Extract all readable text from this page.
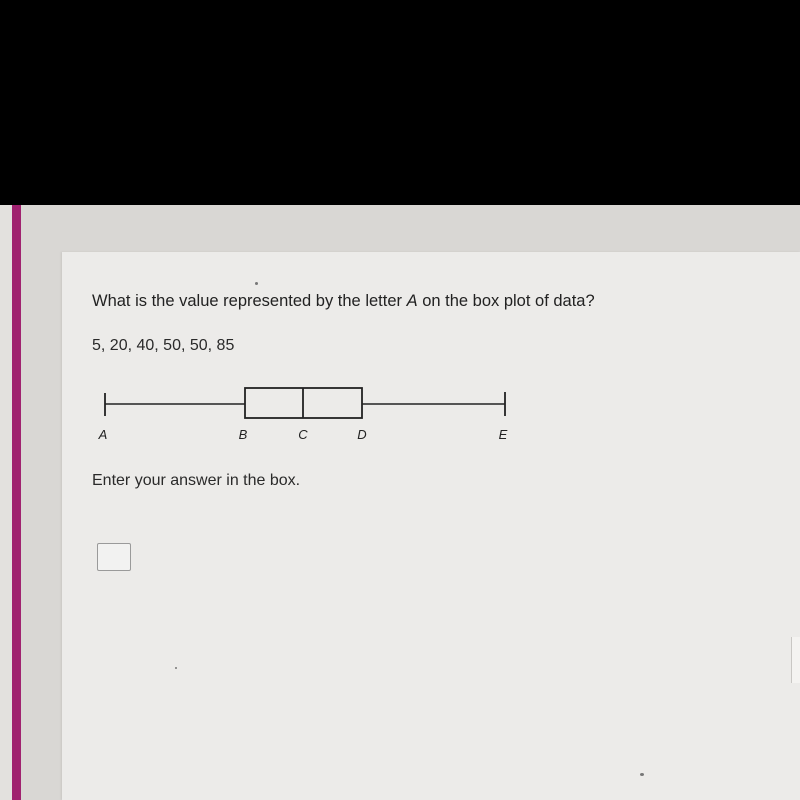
What is the value represented by the letter A on the box plot of data?
5, 20, 40, 50, 50, 85
A	B	C	D	E
Enter your answer in the box.
